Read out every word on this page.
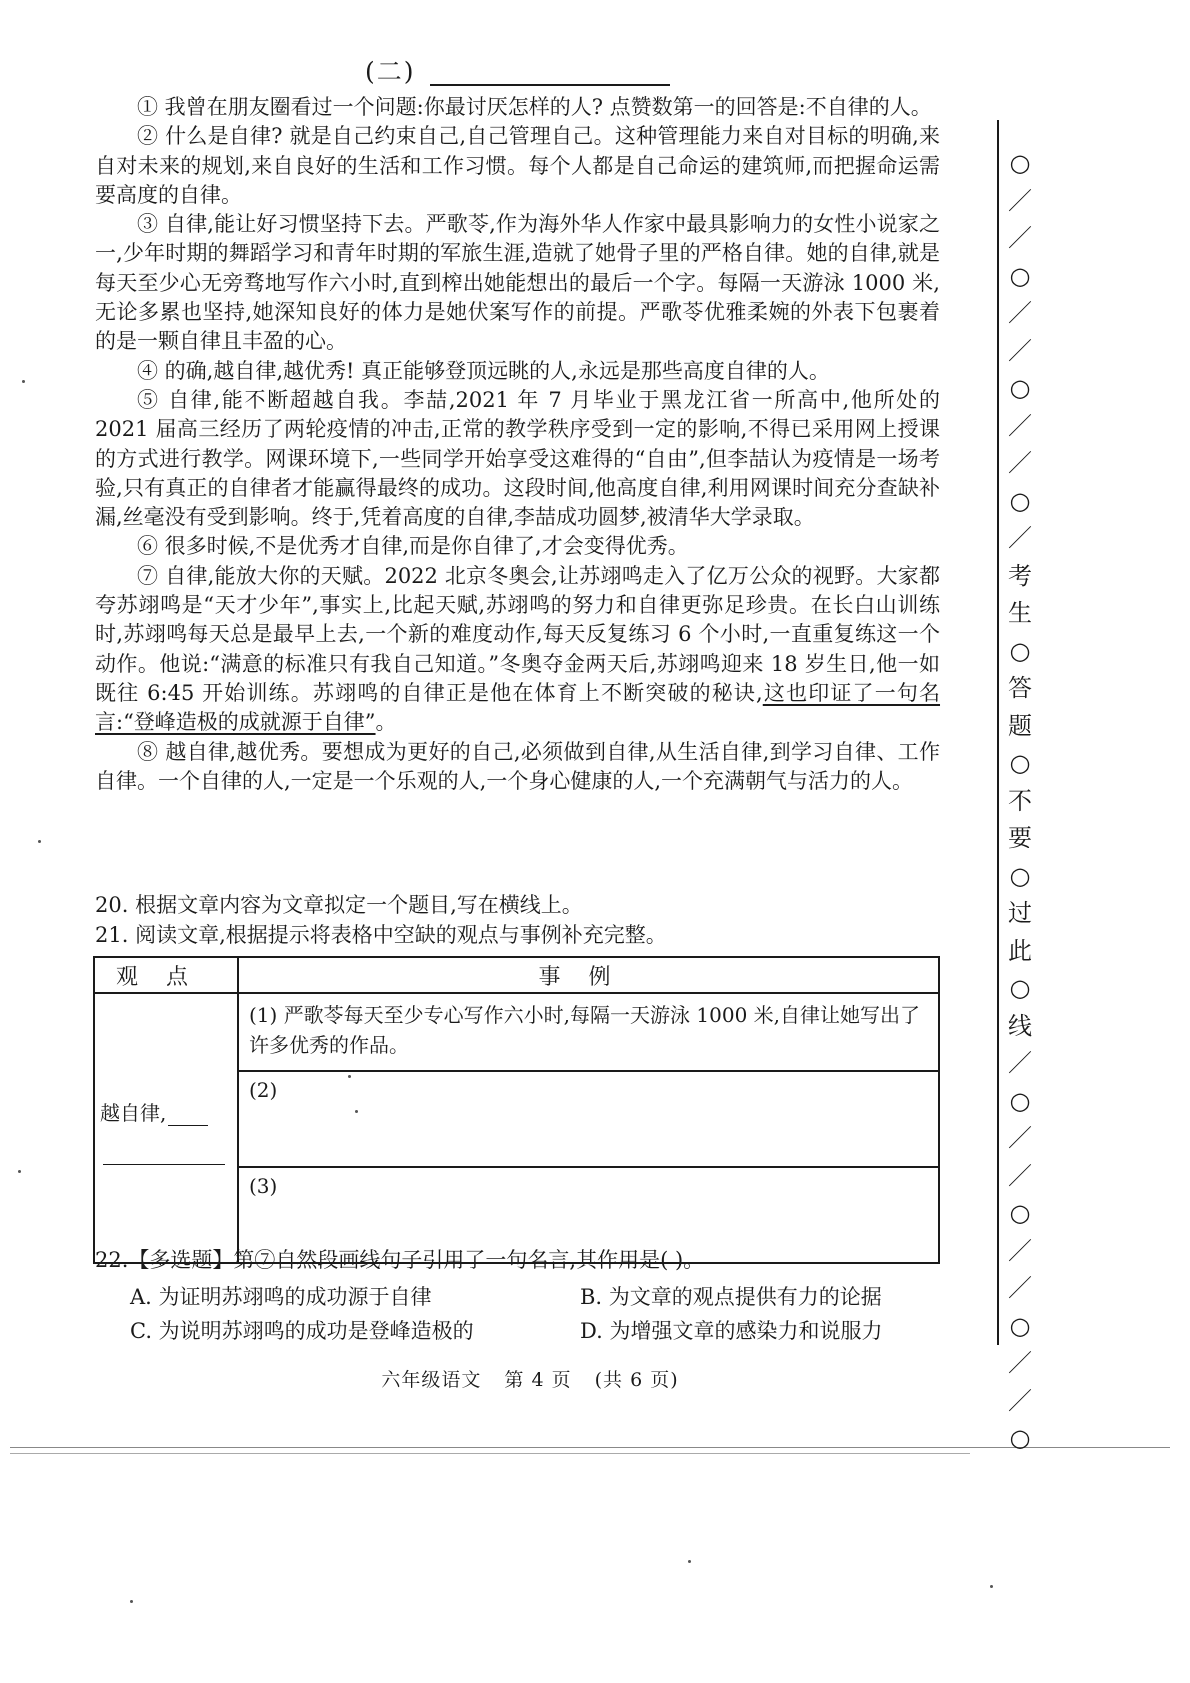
(二)

① 我曾在朋友圈看过一个问题:你最讨厌怎样的人? 点赞数第一的回答是:不自律的人。

② 什么是自律? 就是自己约束自己,自己管理自己。这种管理能力来自对目标的明确,来自对未来的规划,来自良好的生活和工作习惯。每个人都是自己命运的建筑师,而把握命运需要高度的自律。

③ 自律,能让好习惯坚持下去。严歌苓,作为海外华人作家中最具影响力的女性小说家之一,少年时期的舞蹈学习和青年时期的军旅生涯,造就了她骨子里的严格自律。她的自律,就是每天至少心无旁骛地写作六小时,直到榨出她能想出的最后一个字。每隔一天游泳 1000 米,无论多累也坚持,她深知良好的体力是她伏案写作的前提。严歌苓优雅柔婉的外表下包裹着的是一颗自律且丰盈的心。

④ 的确,越自律,越优秀! 真正能够登顶远眺的人,永远是那些高度自律的人。

⑤ 自律,能不断超越自我。李喆,2021 年 7 月毕业于黑龙江省一所高中,他所处的 2021 届高三经历了两轮疫情的冲击,正常的教学秩序受到一定的影响,不得已采用网上授课的方式进行教学。网课环境下,一些同学开始享受这难得的“自由”,但李喆认为疫情是一场考验,只有真正的自律者才能赢得最终的成功。这段时间,他高度自律,利用网课时间充分查缺补漏,丝毫没有受到影响。终于,凭着高度的自律,李喆成功圆梦,被清华大学录取。

⑥ 很多时候,不是优秀才自律,而是你自律了,才会变得优秀。

⑦ 自律,能放大你的天赋。2022 北京冬奥会,让苏翊鸣走入了亿万公众的视野。大家都夸苏翊鸣是“天才少年”,事实上,比起天赋,苏翊鸣的努力和自律更弥足珍贵。在长白山训练时,苏翊鸣每天总是最早上去,一个新的难度动作,每天反复练习 6 个小时,一直重复练这一个动作。他说:“满意的标准只有我自己知道。”冬奥夺金两天后,苏翊鸣迎来 18 岁生日,他一如既往 6:45 开始训练。苏翊鸣的自律正是他在体育上不断突破的秘诀,这也印证了一句名言:“登峰造极的成就源于自律”。

⑧ 越自律,越优秀。要想成为更好的自己,必须做到自律,从生活自律,到学习自律、工作自律。一个自律的人,一定是一个乐观的人,一个身心健康的人,一个充满朝气与活力的人。

20. 根据文章内容为文章拟定一个题目,写在横线上。

21. 阅读文章,根据提示将表格中空缺的观点与事例补充完整。

观点	事例

越自律,	(1) 严歌苓每天至少专心写作六小时,每隔一天游泳 1000 米,自律让她写出了许多优秀的作品。
	(2)
	(3)
22.【多选题】第⑦自然段画线句子引用了一句名言,其作用是( )。
A. 为证明苏翊鸣的成功源于自律	B. 为文章的观点提供有力的论据
C. 为说明苏翊鸣的成功是登峰造极的	D. 为增强文章的感染力和说服力
六年级语文 第 4 页 (共 6 页)
○
／
／
○
／
／
○
／
／
○
／
考
生
○
答
题
○
不
要
○
过
此
○
线
／
○
／
／
○
／
／
○
／
／
○
